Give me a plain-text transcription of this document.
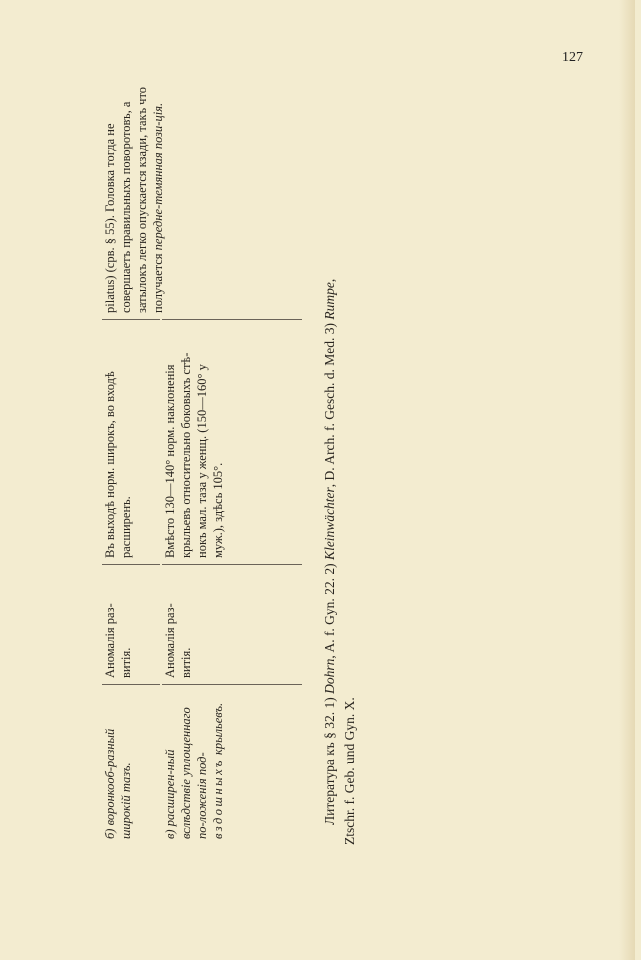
127
б) воронкооб-разный широкій тазъ.
Аномалія раз-витія.
Въ выходѣ норм. широкъ, во входѣ расширенъ.
pilatus) (срв. § 55). Головка тогда не совершаетъ правильныхъ поворотовъ, а затылокъ легко опускается кзади, такъ что получается передне-темянная пози-ція.
в) расширен-ный вслѣдствіе уплощеннаго по-ложенія под- вздошныхъ крыльевъ.
Аномалія раз-витія.
Вмѣсто 130—140° норм. наклоненія крыльевъ относительно боковыхъ стѣ-нокъ мал. таза у женщ. (150—160° у муж.), здѣсь 105°.
Литература къ § 32. 1) Dohrn, A. f. Gyn. 22. 2) Kleinwächter, D. Arch. f. Gesch. d. Med. 3) Rumpe,
Ztschr. f. Geb. und Gyn. X.
